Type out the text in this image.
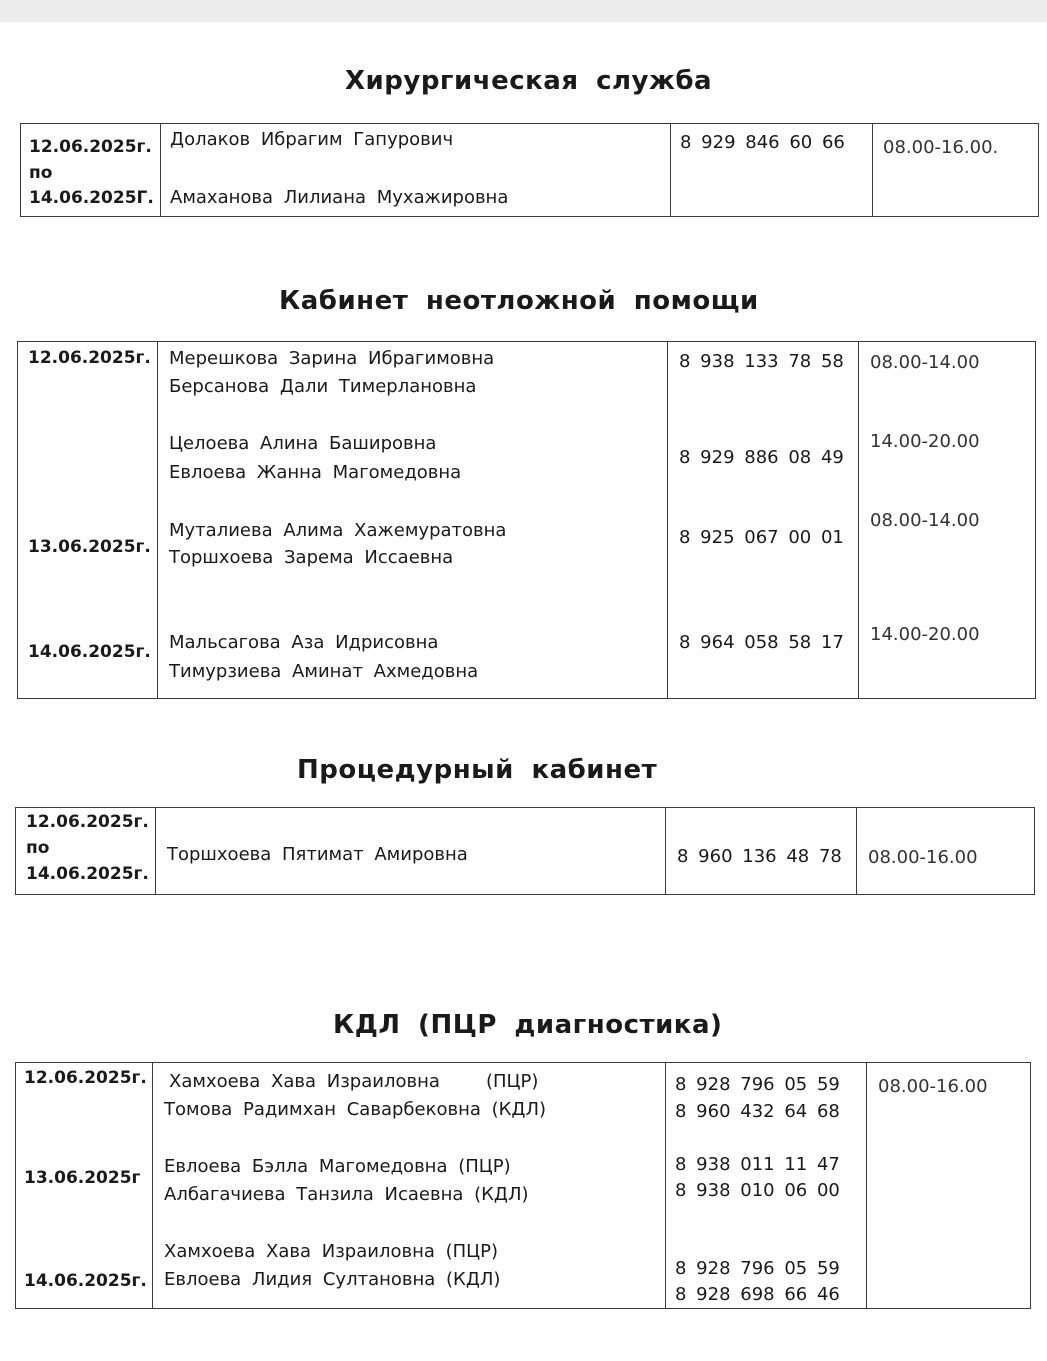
Хирургическая служба
12.06.2025г.
по
14.06.2025Г.
Долаков Ибрагим Гапурович
Амаханова Лилиана Мухажировна
8 929 846 60 66 08.00-16.00.
Кабинет неотложной помощи
12.06.2025г.
13.06.2025г.
14.06.2025г.
Мерешкова Зарина Ибрагимовна
Берсанова Дали Тимерлановна
Целоева Алина Башировна
Евлоева Жанна Магомедовна
Муталиева Алима Хажемуратовна
Торшхоева Зарема Иссаевна
Мальсагова Аза Идрисовна
Тимурзиева Аминат Ахмедовна
8 938 133 78 58
8 929 886 08 49
8 925 067 00 01
8 964 058 58 17
08.00-14.00
14.00-20.00
08.00-14.00
14.00-20.00
Процедурный кабинет
12.06.2025г.
по
14.06.2025г.
Торшхоева Пятимат Амировна	8 960 136 48 78 08.00-16.00
КДЛ (ПЦР диагностика)
12.06.2025г.
13.06.2025г
14.06.2025г.
Хамхоева Хава Израиловна	(ПЦР)
Томова Радимхан Саварбековна (КДЛ)
Евлоева Бэлла Магомедовна (ПЦР)
Албагачиева Танзила Исаевна (КДЛ)
Хамхоева Хава Израиловна (ПЦР)
Евлоева Лидия Султановна (КДЛ)
8 928 796 05 59
8 960 432 64 68
8 938 011 11 47
8 938 010 06 00
8 928 796 05 59
8 928 698 66 46
08.00-16.00
